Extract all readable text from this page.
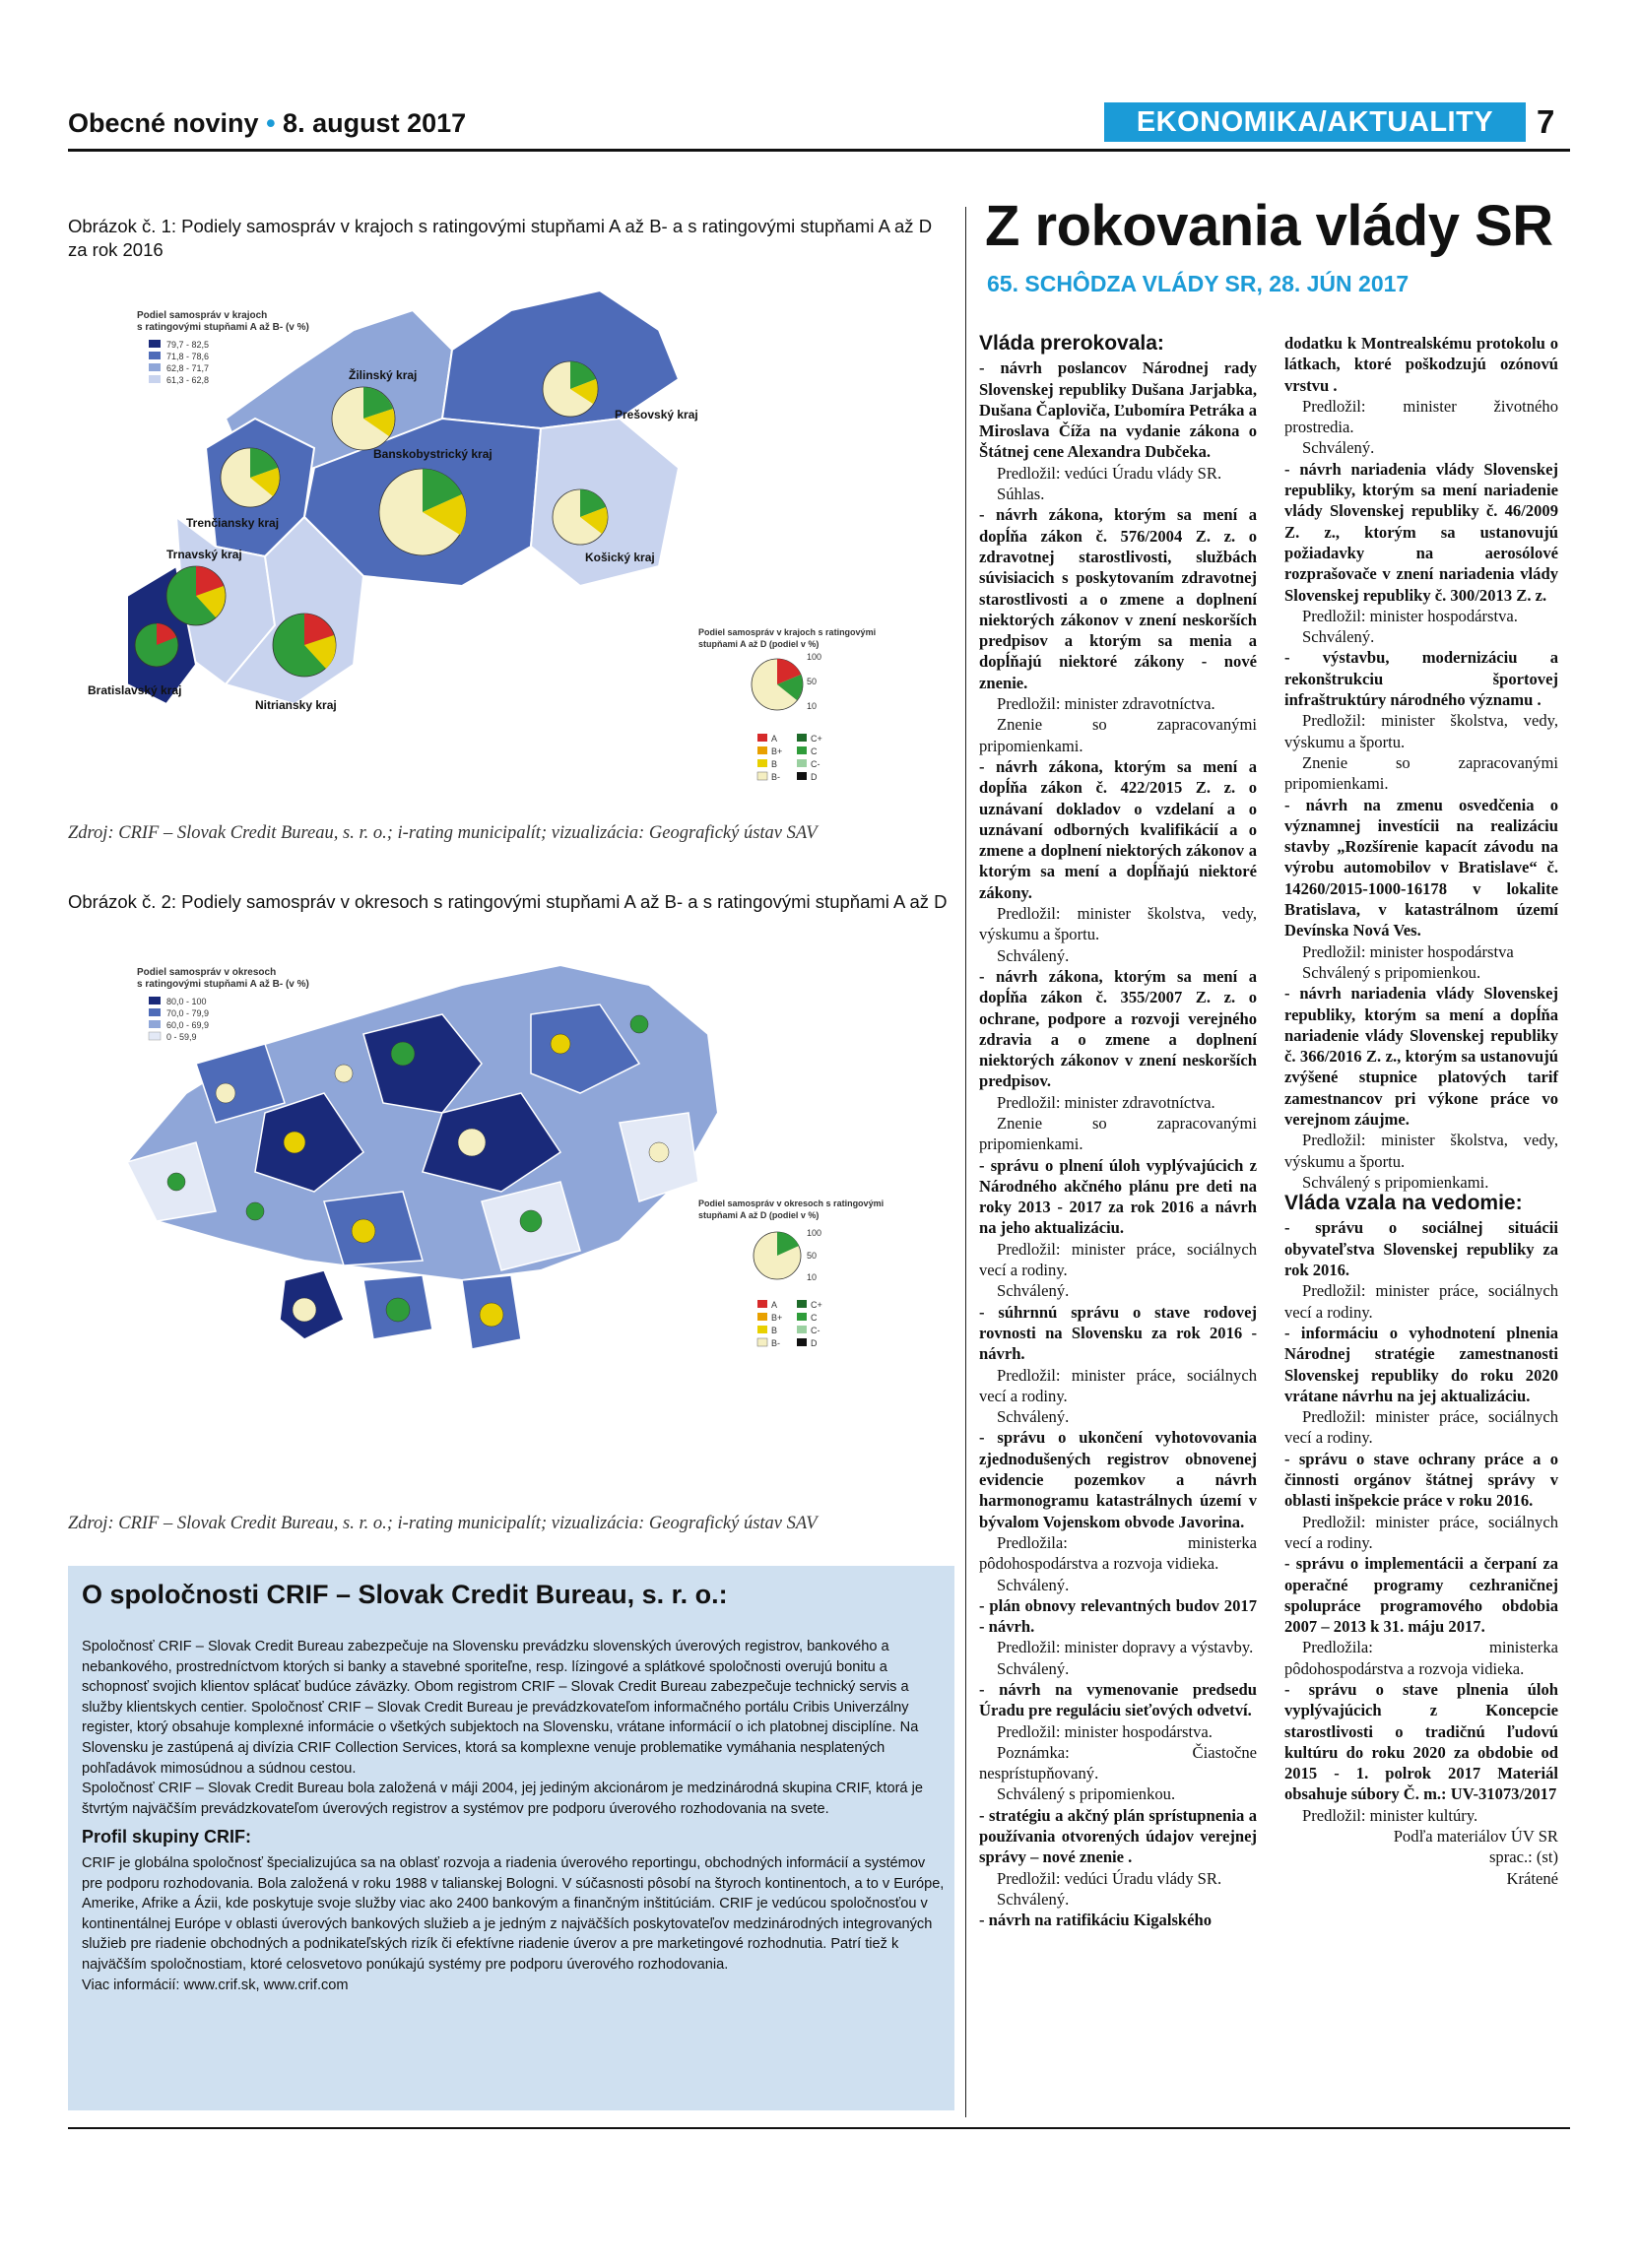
Obecné noviny • 8. august 2017	EKONOMIKA/AKTUALITY	7
Obrázok č. 1: Podiely samospráv v krajoch s ratingovými stupňami A až B- a s ratingovými stupňami A až D za rok 2016
Podiel samospráv v krajoch
s ratingovými stupňami A až B- (v %)
79,7 - 82,5
71,8 - 78,6
62,8 - 71,7
61,3 - 62,8	Žilinský kraj
Prešovský kraj
Trenčiansky kraj
Banskobystrický kraj
Košický kraj
Trnavský kraj
Bratislavský kraj
Nitriansky kraj
Podiel samospráv v krajoch s ratingovými
stupňami A až D (podiel v %)
100
50
10
A
B+
B
B-
C+
C
C-
D
Zdroj: CRIF – Slovak Credit Bureau, s. r. o.; i-rating municipalít; vizualizácia: Geografický ústav SAV
Obrázok č. 2: Podiely samospráv v okresoch s ratingovými stupňami A až B- a s ratingovými stupňami A až D
Podiel samospráv v okresoch
s ratingovými stupňami A až B- (v %)
80,0 - 100
70,0 - 79,9
60,0 - 69,9
0 - 59,9
Podiel samospráv v okresoch s ratingovými
stupňami A až D (podiel v %)
100
50
10
A
B+
B
B-
C+
C
C-
D
Zdroj: CRIF – Slovak Credit Bureau, s. r. o.; i-rating municipalít; vizualizácia: Geografický ústav SAV
O spoločnosti CRIF – Slovak Credit Bureau, s. r. o.:

Spoločnosť CRIF – Slovak Credit Bureau zabezpečuje na Slovensku prevádzku slovenských úverových registrov, bankového a nebankového, prostredníctvom ktorých si banky a stavebné sporiteľne, resp. lízingové a splátkové spoločnosti overujú bonitu a schopnosť svojich klientov splácať budúce záväzky. Obom registrom CRIF – Slovak Credit Bureau zabezpečuje technický servis a služby klientskych centier. Spoločnosť CRIF – Slovak Credit Bureau je prevádzkovateľom informačného portálu Cribis Univerzálny register, ktorý obsahuje komplexné informácie o všetkých subjektoch na Slovensku, vrátane informácií o ich platobnej disciplíne. Na Slovensku je zastúpená aj divízia CRIF Collection Services, ktorá sa komplexne venuje problematike vymáhania nesplatených pohľadávok mimosúdnou a súdnou cestou.

Spoločnosť CRIF – Slovak Credit Bureau bola založená v máji 2004, jej jediným akcionárom je medzinárodná skupina CRIF, ktorá je štvrtým najväčším prevádzkovateľom úverových registrov a systémov pre podporu úverového rozhodovania na svete.

Profil skupiny CRIF:

CRIF je globálna spoločnosť špecializujúca sa na oblasť rozvoja a riadenia úverového reportingu, obchodných informácií a systémov pre podporu rozhodovania. Bola založená v roku 1988 v talianskej Bologni. V súčasnosti pôsobí na štyroch kontinentoch, a to v Európe, Amerike, Afrike a Ázii, kde poskytuje svoje služby viac ako 2400 bankovým a finančným inštitúciám. CRIF je vedúcou spoločnosťou v kontinentálnej Európe v oblasti úverových bankových služieb a je jedným z najväčších poskytovateľov medzinárodných integrovaných služieb pre riadenie obchodných a podnikateľských rizík či efektívne riadenie úverov a pre marketingové rozhodnutia. Patrí tiež k najväčším spoločnostiam, ktoré celosvetovo ponúkajú systémy pre podporu úverového rozhodovania.

Viac informácií: www.crif.sk, www.crif.com

Z rokovania vlády SR
65. SCHÔDZA VLÁDY SR, 28. JÚN 2017
Vláda prerokovala:

- návrh poslancov Národnej rady Slovenskej republiky Dušana Jarjabka, Dušana Čaploviča, Ľubomíra Petráka a Miroslava Číža na vydanie zákona o Štátnej cene Alexandra Dubčeka.

Predložil: vedúci Úradu vlády SR.

Súhlas.

- návrh zákona, ktorým sa mení a dopĺňa zákon č. 576/2004 Z. z. o zdravotnej starostlivosti, službách súvisiacich s poskytovaním zdravotnej starostlivosti a o zmene a doplnení niektorých zákonov v znení neskorších predpisov a ktorým sa menia a dopĺňajú niektoré zákony - nové znenie.

Predložil: minister zdravotníctva.

Znenie so zapracovanými pripomienkami.

- návrh zákona, ktorým sa mení a dopĺňa zákon č. 422/2015 Z. z. o uznávaní dokladov o vzdelaní a o uznávaní odborných kvalifikácií a o zmene a doplnení niektorých zákonov a ktorým sa mení a dopĺňajú niektoré zákony.

Predložil: minister školstva, vedy, výskumu a športu.

Schválený.

- návrh zákona, ktorým sa mení a dopĺňa zákon č. 355/2007 Z. z. o ochrane, podpore a rozvoji verejného zdravia a o zmene a doplnení niektorých zákonov v znení neskorších predpisov.

Predložil: minister zdravotníctva.

Znenie so zapracovanými pripomienkami.

- správu o plnení úloh vyplývajúcich z Národného akčného plánu pre deti na roky 2013 - 2017 za rok 2016 a návrh na jeho aktualizáciu.

Predložil: minister práce, sociálnych vecí a rodiny.

Schválený.

- súhrnnú správu o stave rodovej rovnosti na Slovensku za rok 2016 - návrh.

Predložil: minister práce, sociálnych vecí a rodiny.

Schválený.

- správu o ukončení vyhotovovania zjednodušených registrov obnovenej evidencie pozemkov a návrh harmonogramu katastrálnych území v bývalom Vojenskom obvode Javorina.

Predložila: ministerka pôdohospodárstva a rozvoja vidieka.

Schválený.

- plán obnovy relevantných budov 2017 - návrh.

Predložil: minister dopravy a výstavby.

Schválený.

- návrh na vymenovanie predsedu Úradu pre reguláciu sieťových odvetví.

Predložil: minister hospodárstva.

Poznámka: Čiastočne nesprístupňovaný.

Schválený s pripomienkou.

- stratégiu a akčný plán sprístupnenia a používania otvorených údajov verejnej správy – nové znenie .

Predložil: vedúci Úradu vlády SR.

Schválený.

- návrh na ratifikáciu Kigalského

dodatku k Montrealskému protokolu o látkach, ktoré poškodzujú ozónovú vrstvu .

Predložil: minister životného prostredia.

Schválený.

- návrh nariadenia vlády Slovenskej republiky, ktorým sa mení nariadenie vlády Slovenskej republiky č. 46/2009 Z. z., ktorým sa ustanovujú požiadavky na aerosólové rozprašovače v znení nariadenia vlády Slovenskej republiky č. 300/2013 Z. z.

Predložil: minister hospodárstva.

Schválený.

- výstavbu, modernizáciu a rekonštrukciu športovej infraštruktúry národného významu .

Predložil: minister školstva, vedy, výskumu a športu.

Znenie so zapracovanými pripomienkami.

- návrh na zmenu osvedčenia o významnej investícii na realizáciu stavby „Rozšírenie kapacít závodu na výrobu automobilov v Bratislave“ č. 14260/2015-1000-16178 v lokalite Bratislava, v katastrálnom území Devínska Nová Ves.

Predložil: minister hospodárstva

Schválený s pripomienkou.

- návrh nariadenia vlády Slovenskej republiky, ktorým sa mení a dopĺňa nariadenie vlády Slovenskej republiky č. 366/2016 Z. z., ktorým sa ustanovujú zvýšené stupnice platových tarif zamestnancov pri výkone práce vo verejnom záujme.

Predložil: minister školstva, vedy, výskumu a športu.

Schválený s pripomienkami.

Vláda vzala na vedomie:

- správu o sociálnej situácii obyvateľstva Slovenskej republiky za rok 2016.

Predložil: minister práce, sociálnych vecí a rodiny.

- informáciu o vyhodnotení plnenia Národnej stratégie zamestnanosti Slovenskej republiky do roku 2020 vrátane návrhu na jej aktualizáciu.

Predložil: minister práce, sociálnych vecí a rodiny.

- správu o stave ochrany práce a o činnosti orgánov štátnej správy v oblasti inšpekcie práce v roku 2016.

Predložil: minister práce, sociálnych vecí a rodiny.

- správu o implementácii a čerpaní za operačné programy cezhraničnej spolupráce programového obdobia 2007 – 2013 k 31. máju 2017.

Predložila: ministerka pôdohospodárstva a rozvoja vidieka.

- správu o stave plnenia úloh vyplývajúcich z Koncepcie starostlivosti o tradičnú ľudovú kultúru do roku 2020 za obdobie od 2015 - 1. polrok 2017 Materiál obsahuje súbory Č. m.: UV-31073/2017

Predložil: minister kultúry.

Podľa materiálov ÚV SR

sprac.: (st)

Krátené
